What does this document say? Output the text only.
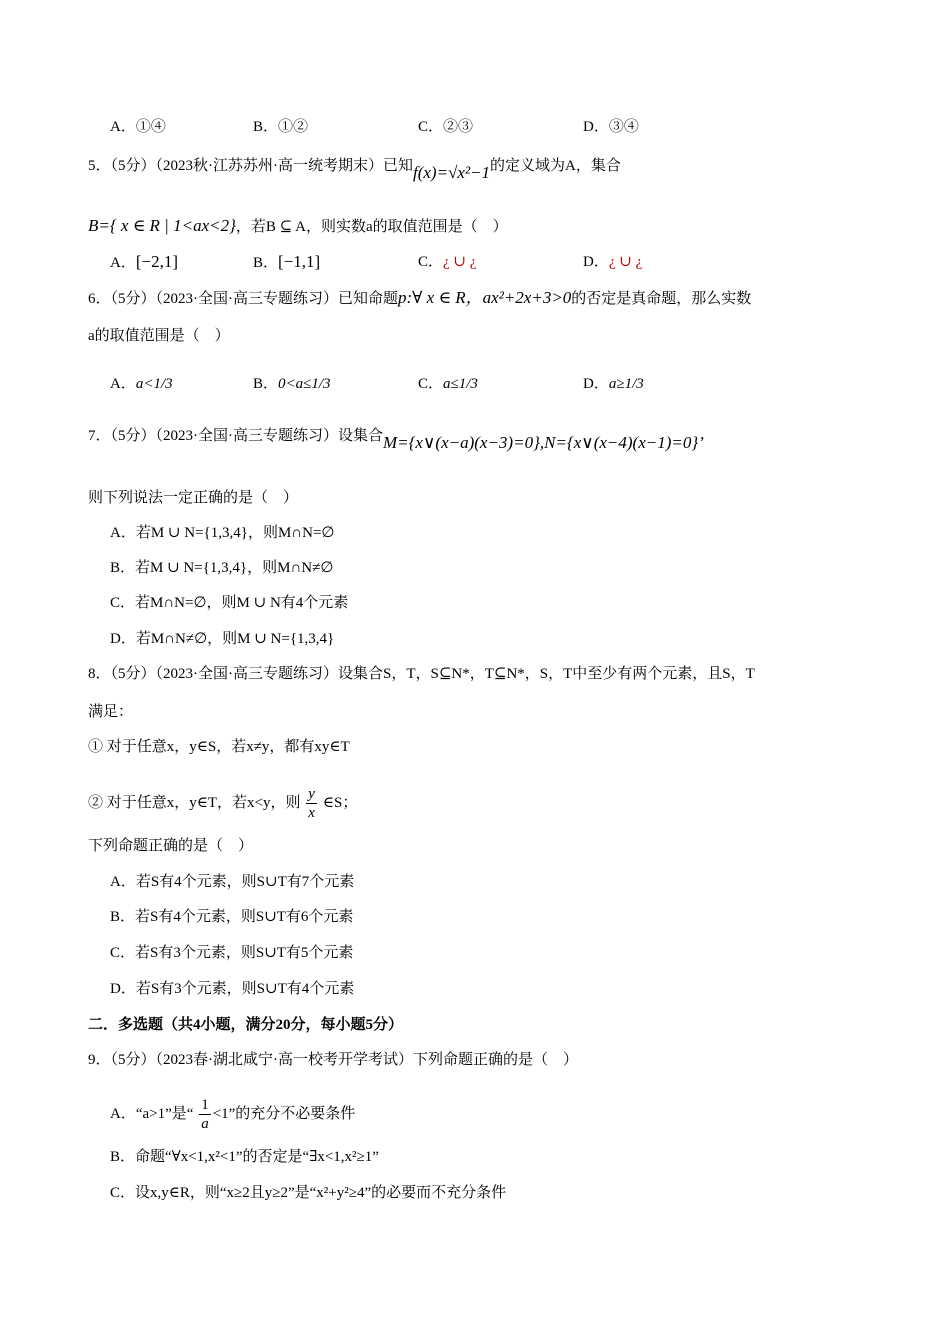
A．①④	B．①②	C．②③	D．③④
5．（5分）（2023秋·江苏苏州·高一统考期末）已知f(x)=√x²−1的定义域为A，集合
B={ x ∈ R | 1<ax<2}，若B ⊆ A，则实数a的取值范围是（　）
A．[−2,1]	B．[−1,1]	C．¿ ∪ ¿	D．¿ ∪ ¿
6．（5分）（2023·全国·高三专题练习）已知命题p:∀ x ∈ R，ax²+2x+3>0的否定是真命题，那么实数
a的取值范围是（　）
A．a<1/3	B．0<a≤1/3	C．a≤1/3	D．a≥1/3
7．（5分）（2023·全国·高三专题练习）设集合M={x∨(x−a)(x−3)=0},N={x∨(x−4)(x−1)=0}’
则下列说法一定正确的是（　）
A．若M ∪ N={1,3,4}，则M∩N=∅
B．若M ∪ N={1,3,4}，则M∩N≠∅
C．若M∩N=∅，则M ∪ N有4个元素
D．若M∩N≠∅，则M ∪ N={1,3,4}
8．（5分）（2023·全国·高三专题练习）设集合S，T，S⊆N*，T⊆N*，S，T中至少有两个元素，且S，T
满足：
① 对于任意x，y∈S，若x≠y，都有xy∈T
② 对于任意x，y∈T，若x<y，则 $\frac{y}{x}$ ∈S；
下列命题正确的是（　）
A．若S有4个元素，则S∪T有7个元素
B．若S有4个元素，则S∪T有6个元素
C．若S有3个元素，则S∪T有5个元素
D．若S有3个元素，则S∪T有4个元素
二．多选题（共4小题，满分20分，每小题5分）
9．（5分）（2023春·湖北咸宁·高一校考开学考试）下列命题正确的是（　）
A．“a>1”是“ $\frac{1}{a} <1$”的充分不必要条件
B．命题“∀x<1,x²<1”的否定是“∃x<1,x²≥1”
C．设x,y∈R，则“x≥2且y≥2”是“x²+y²≥4”的必要而不充分条件
